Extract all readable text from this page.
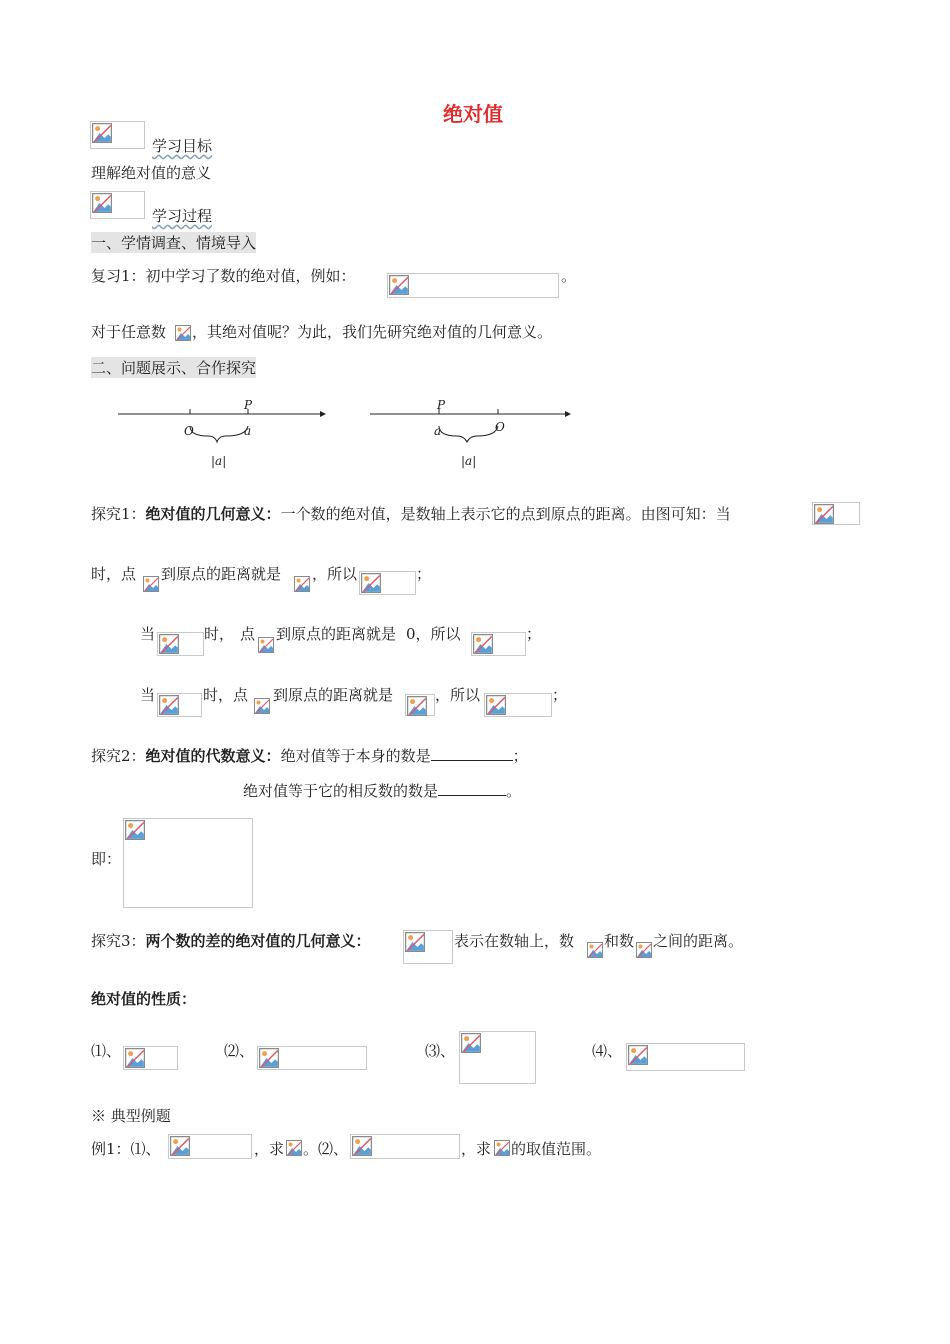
绝对值
学习目标
理解绝对值的意义
学习过程
一、学情调查、情境导入
复习1：初中学习了数的绝对值，例如：	。
对于任意数 ，其绝对值呢？为此，我们先研究绝对值的几何意义。
二、问题展示、合作探究
P
O	a
|a|
P
a	O
|a|
探究1：绝对值的几何意义：一个数的绝对值，是数轴上表示它的点到原点的距离。由图可知：当
时，点 到原点的距离就是 ，所以	；
当	时， 点 到原点的距离就是 0，所以	；
当	时，点 到原点的距离就是	，所以	；
探究2：绝对值的代数意义：绝对值等于本身的数是	；
绝对值等于它的相反数的数是	。
即：
探究3：两个数的差的绝对值的几何意义：	表示在数轴上，数 和数 之间的距离。
绝对值的性质：
⑴、	⑵、	⑶、	⑷、
※ 典型例题
例1：⑴、	，求 。⑵、	，求 的取值范围。
